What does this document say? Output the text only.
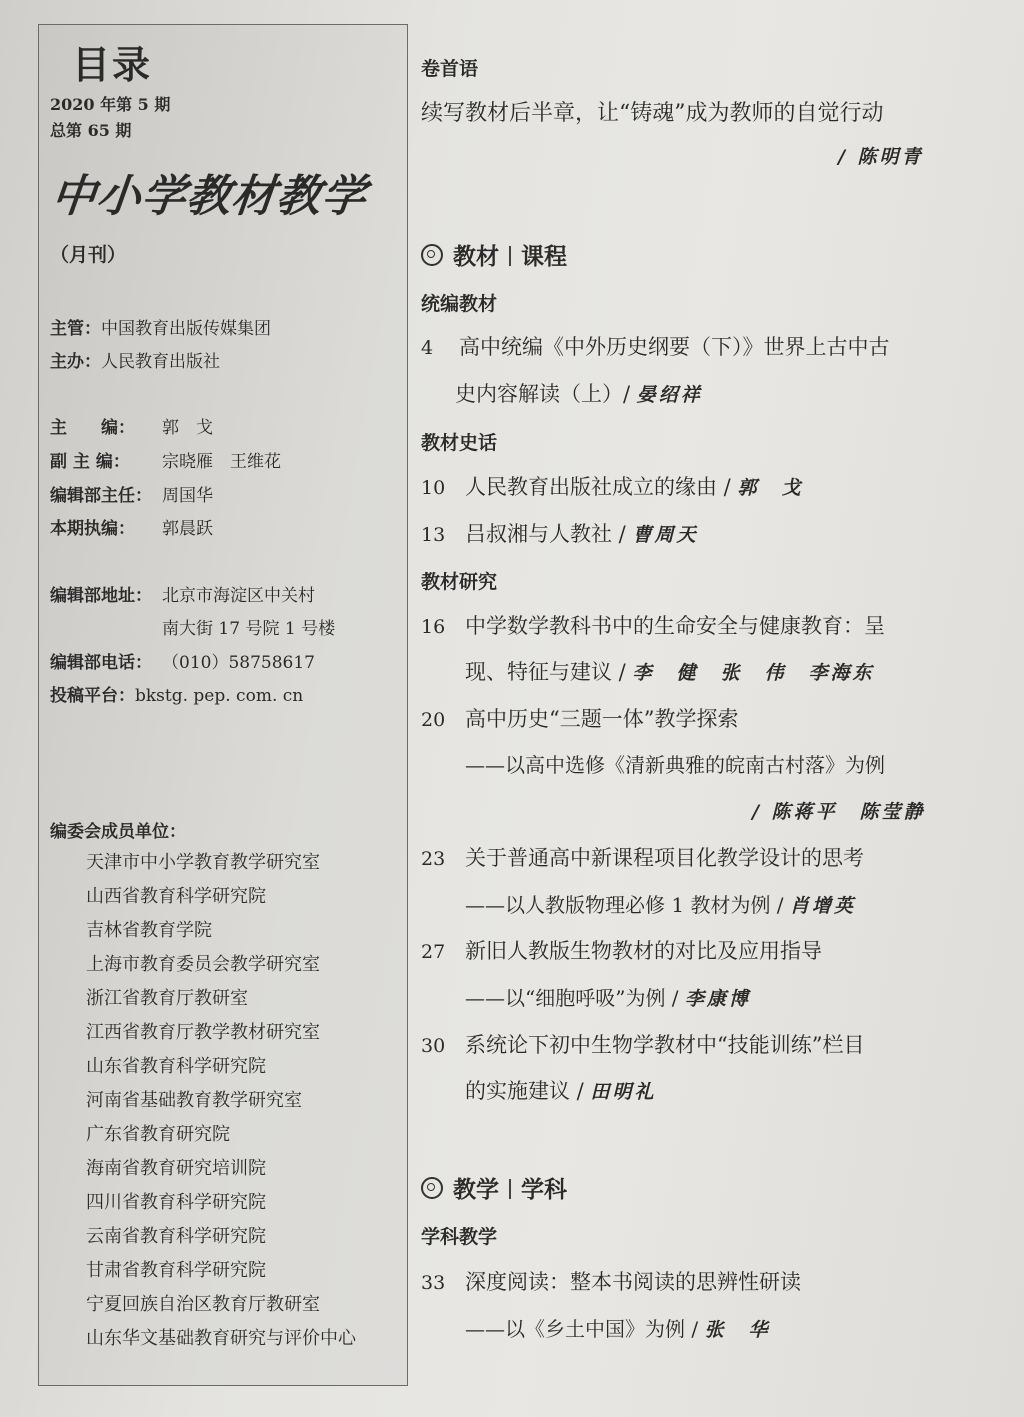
目录
2020 年第 5 期
总第 65 期
中小学教材教学
（月刊）
主管：中国教育出版传媒集团
主办：人民教育出版社
主　　编： 郭　戈
副 主 编： 宗晓雁　王维花
编辑部主任： 周国华
本期执编： 郭晨跃
编辑部地址： 北京市海淀区中关村
南大街 17 号院 1 号楼
编辑部电话： （010）58758617
投稿平台：bkstg. pep. com. cn
编委会成员单位：
天津市中小学教育教学研究室
山西省教育科学研究院
吉林省教育学院
上海市教育委员会教学研究室
浙江省教育厅教研室
江西省教育厅教学教材研究室
山东省教育科学研究院
河南省基础教育教学研究室
广东省教育研究院
海南省教育研究培训院
四川省教育科学研究院
云南省教育科学研究院
甘肃省教育科学研究院
宁夏回族自治区教育厅教研室
山东华文基础教育研究与评价中心
卷首语
续写教材后半章，让“铸魂”成为教师的自觉行动
/ 陈明青
教材 课程
统编教材
4 高中统编《中外历史纲要（下）》世界上古中古
史内容解读（上）/ 晏绍祥
教材史话
10 人民教育出版社成立的缘由 / 郭　戈
13 吕叔湘与人教社 / 曹周天
教材研究
16 中学数学教科书中的生命安全与健康教育：呈
现、特征与建议 / 李　健　张　伟　李海东
20 高中历史“三题一体”教学探索
——以高中选修《清新典雅的皖南古村落》为例
/ 陈蒋平　陈莹静
23 关于普通高中新课程项目化教学设计的思考
——以人教版物理必修 1 教材为例 / 肖增英
27 新旧人教版生物教材的对比及应用指导
——以“细胞呼吸”为例 / 李康博
30 系统论下初中生物学教材中“技能训练”栏目
的实施建议 / 田明礼
教学 学科
学科教学
33 深度阅读：整本书阅读的思辨性研读
——以《乡土中国》为例 / 张　华
